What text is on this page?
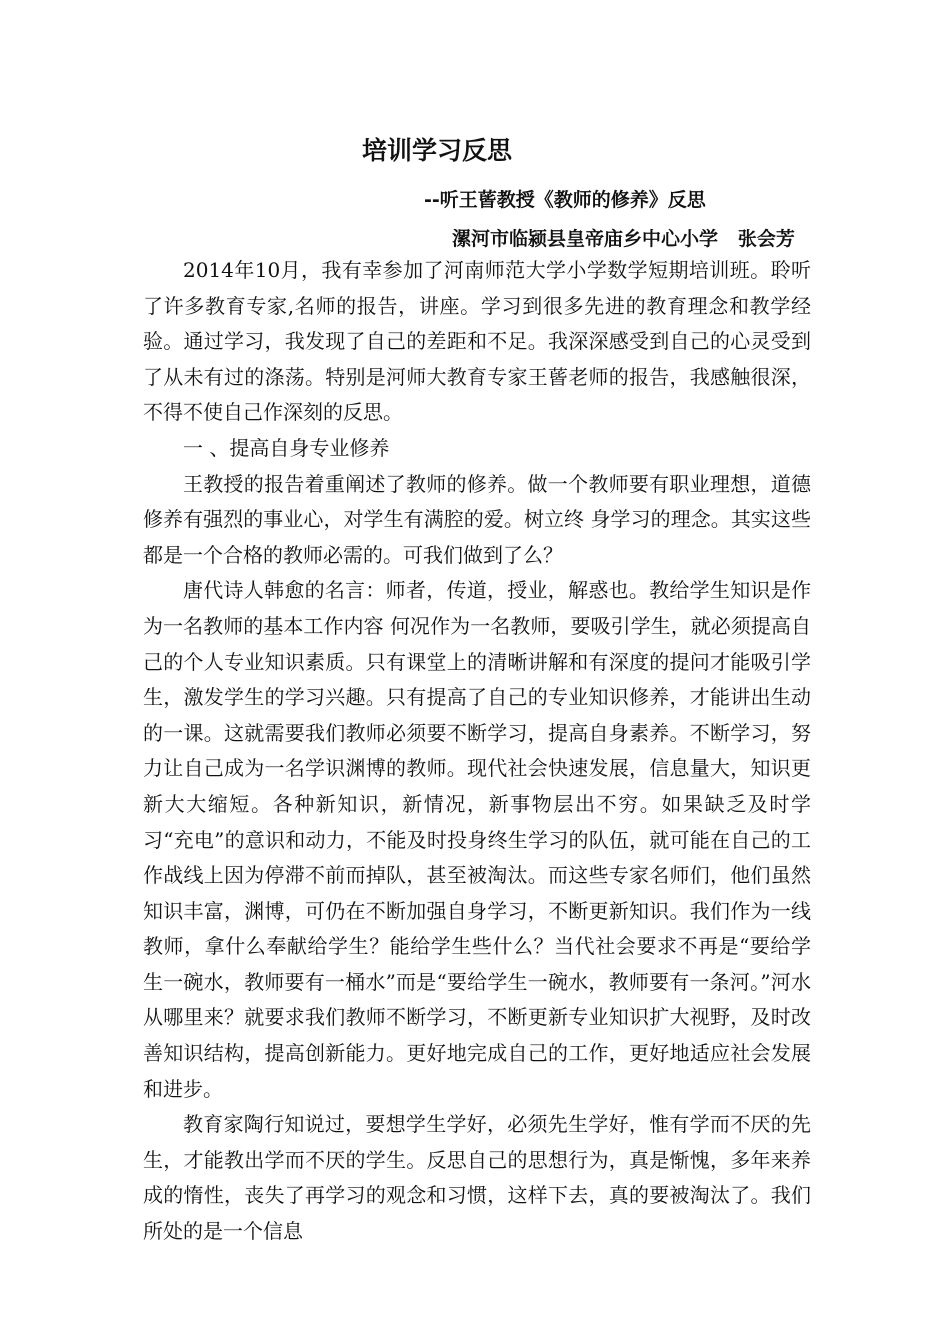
培训学习反思
--听王蒈教授《教师的修养》反思
漯河市临颍县皇帝庙乡中心小学   张会芳

2014年10月，我有幸参加了河南师范大学小学数学短期培训班。聆听了许多教育专家,名师的报告，讲座。学习到很多先进的教育理念和教学经验。通过学习，我发现了自己的差距和不足。我深深感受到自己的心灵受到了从未有过的涤荡。特别是河师大教育专家王蒈老师的报告，我感触很深，不得不使自己作深刻的反思。

一 、提高自身专业修养

王教授的报告着重阐述了教师的修养。做一个教师要有职业理想，道德修养有强烈的事业心，对学生有满腔的爱。树立终 身学习的理念。其实这些都是一个合格的教师必需的。可我们做到了么？

唐代诗人韩愈的名言：师者，传道，授业，解惑也。教给学生知识是作为一名教师的基本工作内容 何况作为一名教师，要吸引学生，就必须提高自己的个人专业知识素质。只有课堂上的清晰讲解和有深度的提问才能吸引学生，激发学生的学习兴趣。只有提高了自己的专业知识修养，才能讲出生动的一课。这就需要我们教师必须要不断学习，提高自身素养。不断学习，努力让自己成为一名学识渊博的教师。现代社会快速发展，信息量大，知识更新大大缩短。各种新知识，新情况，新事物层出不穷。如果缺乏及时学习“充电”的意识和动力，不能及时投身终生学习的队伍，就可能在自己的工作战线上因为停滞不前而掉队，甚至被淘汰。而这些专家名师们，他们虽然知识丰富，渊博，可仍在不断加强自身学习，不断更新知识。我们作为一线教师，拿什么奉献给学生？能给学生些什么？当代社会要求不再是“要给学生一碗水，教师要有一桶水”而是“要给学生一碗水，教师要有一条河。”河水从哪里来？就要求我们教师不断学习，不断更新专业知识扩大视野，及时改善知识结构，提高创新能力。更好地完成自己的工作，更好地适应社会发展和进步。

教育家陶行知说过，要想学生学好，必须先生学好，惟有学而不厌的先生，才能教出学而不厌的学生。反思自己的思想行为，真是惭愧，多年来养成的惰性，丧失了再学习的观念和习惯，这样下去，真的要被淘汰了。我们所处的是一个信息
